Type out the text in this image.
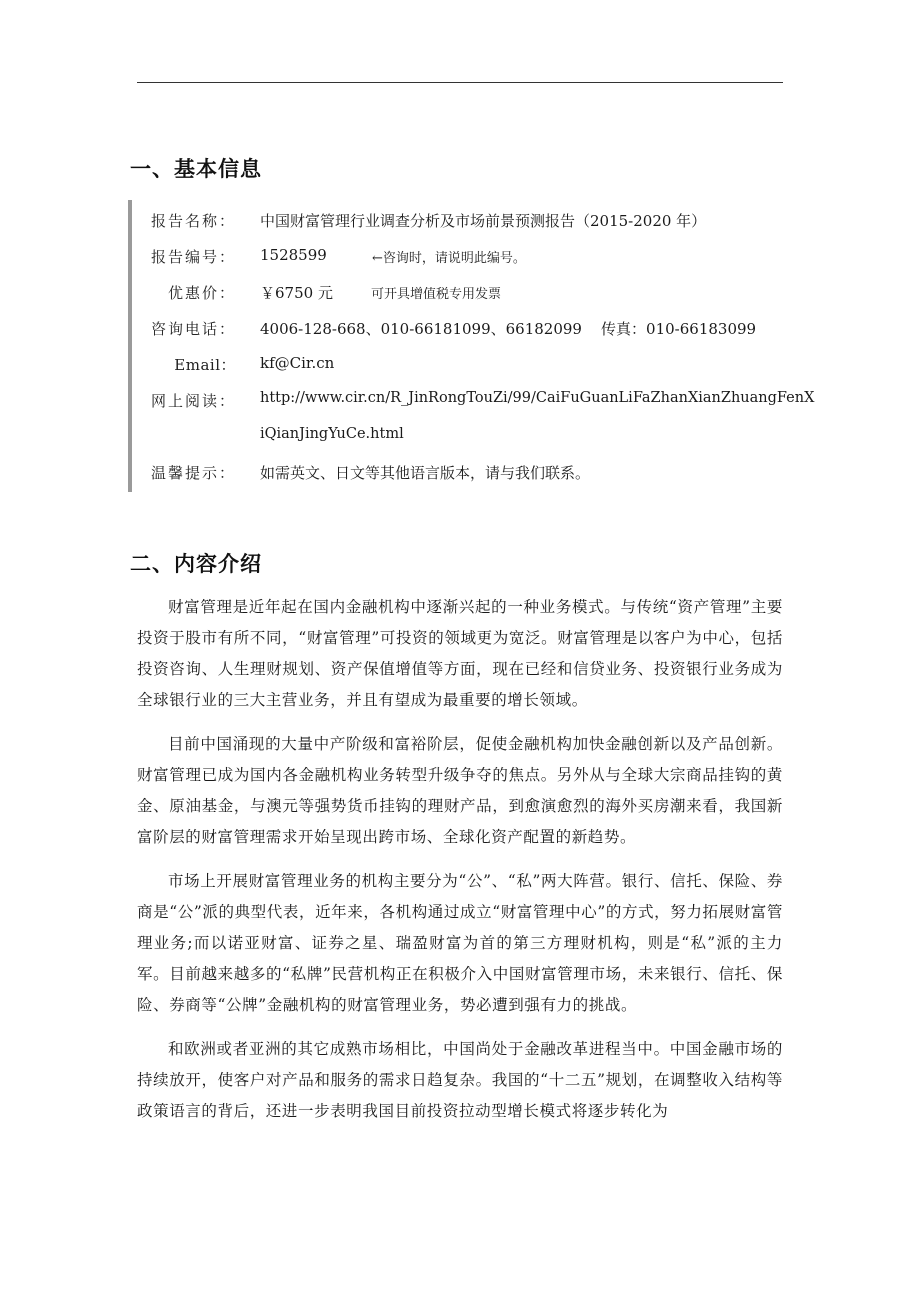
一、基本信息
报告名称： 中国财富管理行业调查分析及市场前景预测报告（2015-2020 年）
报告编号： 1528599	←咨询时，请说明此编号。
优惠价： ￥6750 元	可开具增值税专用发票
咨询电话： 4006-128-668、010-66181099、66182099    传真：010-66183099
Email： kf@Cir.cn
网上阅读： http://www.cir.cn/R_JinRongTouZi/99/CaiFuGuanLiFaZhanXianZhuangFenX
iQianJingYuCe.html
温馨提示： 如需英文、日文等其他语言版本，请与我们联系。
二、内容介绍

财富管理是近年起在国内金融机构中逐渐兴起的一种业务模式。与传统“资产管理”主要投资于股市有所不同，“财富管理”可投资的领域更为宽泛。财富管理是以客户为中心，包括投资咨询、人生理财规划、资产保值增值等方面，现在已经和信贷业务、投资银行业务成为全球银行业的三大主营业务，并且有望成为最重要的增长领域。

目前中国涌现的大量中产阶级和富裕阶层，促使金融机构加快金融创新以及产品创新。财富管理已成为国内各金融机构业务转型升级争夺的焦点。另外从与全球大宗商品挂钩的黄金、原油基金，与澳元等强势货币挂钩的理财产品，到愈演愈烈的海外买房潮来看，我国新富阶层的财富管理需求开始呈现出跨市场、全球化资产配置的新趋势。

市场上开展财富管理业务的机构主要分为“公”、“私”两大阵营。银行、信托、保险、券商是“公”派的典型代表，近年来，各机构通过成立“财富管理中心”的方式，努力拓展财富管理业务;而以诺亚财富、证券之星、瑞盈财富为首的第三方理财机构，则是“私”派的主力军。目前越来越多的“私牌”民营机构正在积极介入中国财富管理市场，未来银行、信托、保险、券商等“公牌”金融机构的财富管理业务，势必遭到强有力的挑战。

和欧洲或者亚洲的其它成熟市场相比，中国尚处于金融改革进程当中。中国金融市场的持续放开，使客户对产品和服务的需求日趋复杂。我国的“十二五”规划，在调整收入结构等政策语言的背后，还进一步表明我国目前投资拉动型增长模式将逐步转化为
